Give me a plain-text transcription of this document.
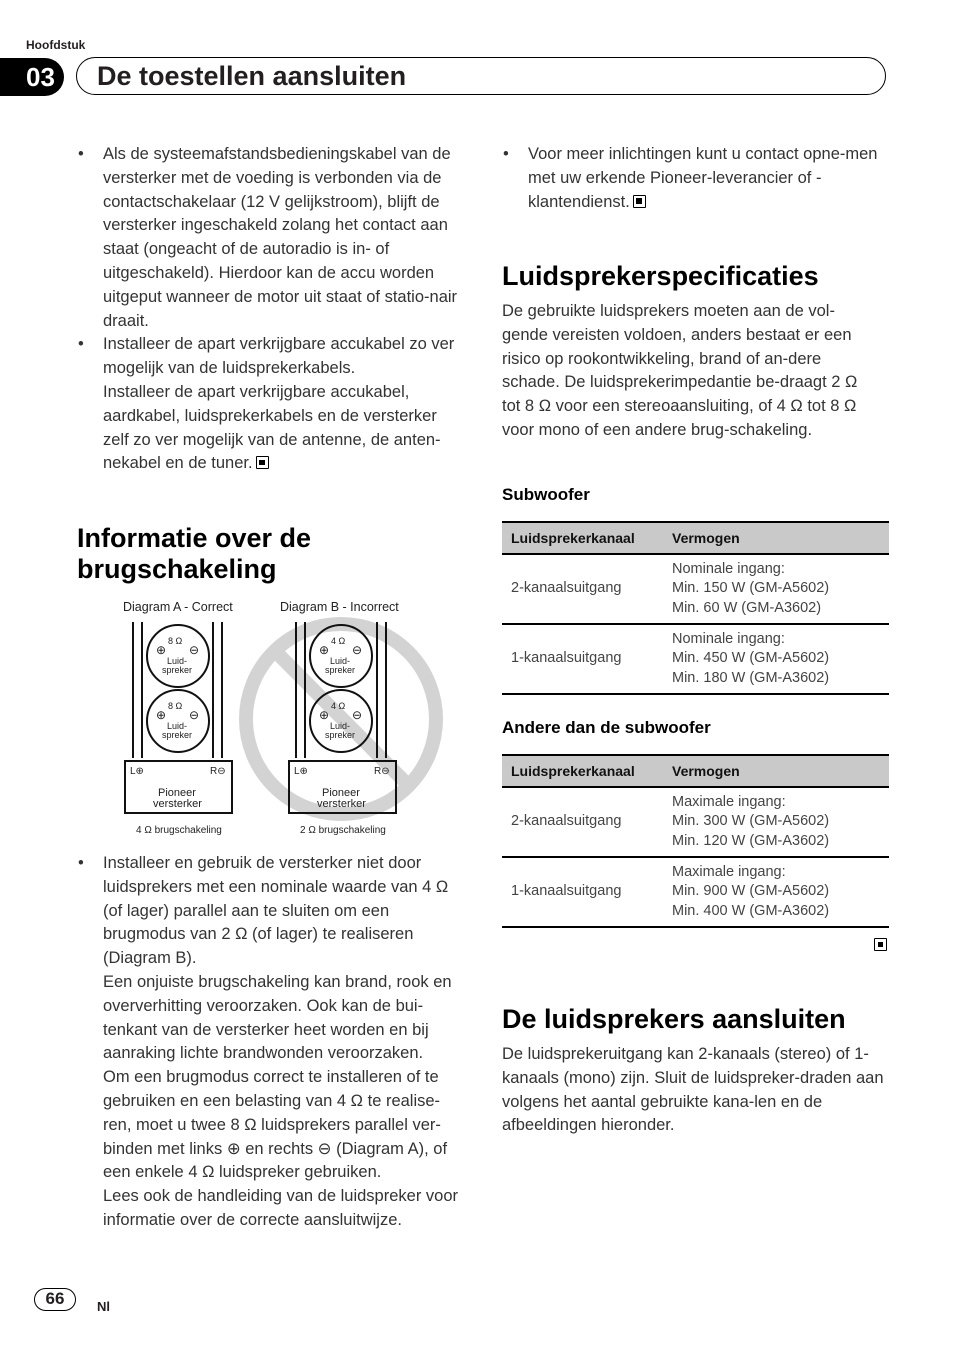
Hoofdstuk
03	De toestellen aansluiten
• Als de systeemafstandsbedieningskabel van de versterker met de voeding is verbonden via de contactschakelaar (12 V gelijkstroom), blijft de versterker ingeschakeld zolang het contact aan staat (ongeacht of de autoradio is in- of uitgeschakeld). Hierdoor kan de accu worden uitgeput wanneer de motor uit staat of statio-nair draait.
• Installeer de apart verkrijgbare accukabel zo ver mogelijk van de luidsprekerkabels.
Installeer de apart verkrijgbare accukabel, aardkabel, luidsprekerkabels en de versterker zelf zo ver mogelijk van de antenne, de anten-nekabel en de tuner.
Informatie over de brugschakeling
Diagram A - Correct	Diagram B - Incorrect
8 Ω
⊕ ⊖
Luid-
spreker
8 Ω
⊕ ⊖
Luid-
spreker
L⊕	R⊖
Pioneer
versterker
4 Ω brugschakeling
4 Ω
⊕ ⊖
Luid-
spreker
4 Ω
⊕ ⊖
Luid-
spreker
L⊕	R⊖
Pioneer
versterker
2 Ω brugschakeling
• Installeer en gebruik de versterker niet door luidsprekers met een nominale waarde van 4 Ω (of lager) parallel aan te sluiten om een brugmodus van 2 Ω (of lager) te realiseren (Diagram B).
Een onjuiste brugschakeling kan brand, rook en oververhitting veroorzaken. Ook kan de bui-tenkant van de versterker heet worden en bij aanraking lichte brandwonden veroorzaken.
Om een brugmodus correct te installeren of te gebruiken en een belasting van 4 Ω te realise-ren, moet u twee 8 Ω luidsprekers parallel ver-binden met links ⊕ en rechts ⊖ (Diagram A), of een enkele 4 Ω luidspreker gebruiken.
Lees ook de handleiding van de luidspreker voor informatie over de correcte aansluitwijze.
• Voor meer inlichtingen kunt u contact opne-men met uw erkende Pioneer-leverancier of -klantendienst.
Luidsprekerspecificaties
De gebruikte luidsprekers moeten aan de vol-gende vereisten voldoen, anders bestaat er een risico op rookontwikkeling, brand of an-dere schade. De luidsprekerimpedantie be-draagt 2 Ω tot 8 Ω voor een stereoaansluiting, of 4 Ω tot 8 Ω voor mono of een andere brug-schakeling.
Subwoofer
Luidsprekerkanaal	Vermogen
2-kanaalsuitgang	Nominale ingang:
Min. 150 W (GM-A5602)
Min. 60 W (GM-A3602)

1-kanaalsuitgang	Nominale ingang:
Min. 450 W (GM-A5602)
Min. 180 W (GM-A3602)
Andere dan de subwoofer
Luidsprekerkanaal	Vermogen
2-kanaalsuitgang	Maximale ingang:
Min. 300 W (GM-A5602)
Min. 120 W (GM-A3602)

1-kanaalsuitgang	Maximale ingang:
Min. 900 W (GM-A5602)
Min. 400 W (GM-A3602)
De luidsprekers aansluiten
De luidsprekeruitgang kan 2-kanaals (stereo) of 1-kanaals (mono) zijn. Sluit de luidspreker-draden aan volgens het aantal gebruikte kana-len en de afbeeldingen hieronder.
66	Nl
